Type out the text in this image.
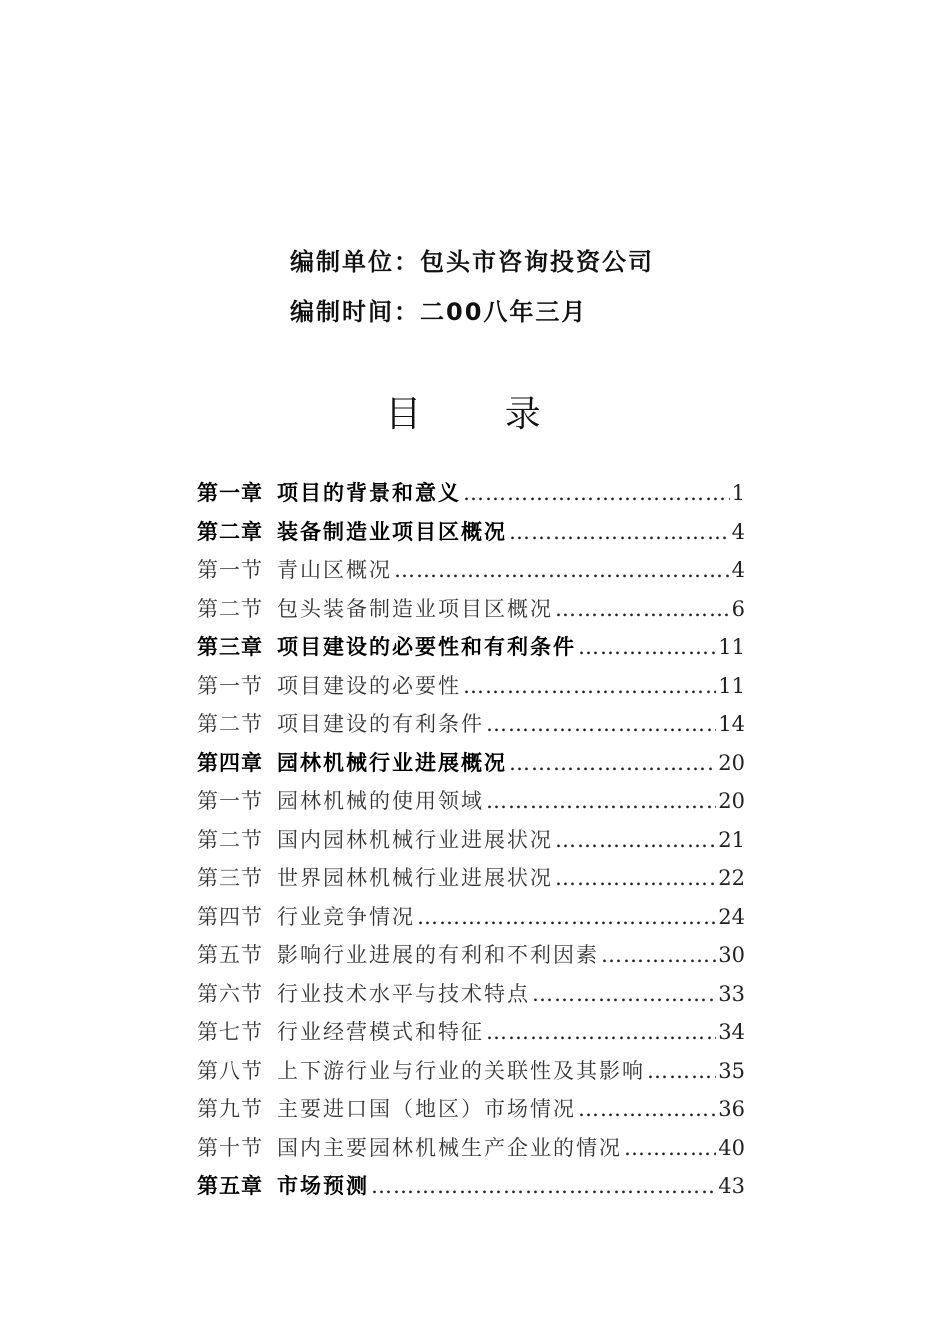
编制单位：包头市咨询投资公司
编制时间：二00八年三月
目 录
第一章 项目的背景和意义 ……………………………………………………………………………………	1
第二章 装备制造业项目区概况 ……………………………………………………………………………………	4
第一节 青山区概况 ……………………………………………………………………………………	4
第二节 包头装备制造业项目区概况 ……………………………………………………………………………………	6
第三章 项目建设的必要性和有利条件 ……………………………………………………………………………………	11
第一节 项目建设的必要性 ……………………………………………………………………………………	11
第二节 项目建设的有利条件 ……………………………………………………………………………………	14
第四章 园林机械行业进展概况 ……………………………………………………………………………………	20
第一节 园林机械的使用领域 ……………………………………………………………………………………	20
第二节 国内园林机械行业进展状况 ……………………………………………………………………………………	21
第三节 世界园林机械行业进展状况 ……………………………………………………………………………………	22
第四节 行业竞争情况 ……………………………………………………………………………………	24
第五节 影响行业进展的有利和不利因素 ……………………………………………………………………………………	30
第六节 行业技术水平与技术特点 ……………………………………………………………………………………	33
第七节 行业经营模式和特征 ……………………………………………………………………………………	34
第八节 上下游行业与行业的关联性及其影响 ……………………………………………………………………………………	35
第九节 主要进口国（地区）市场情况 ……………………………………………………………………………………	36
第十节 国内主要园林机械生产企业的情况 ……………………………………………………………………………………	40
第五章 市场预测 ……………………………………………………………………………………	43
